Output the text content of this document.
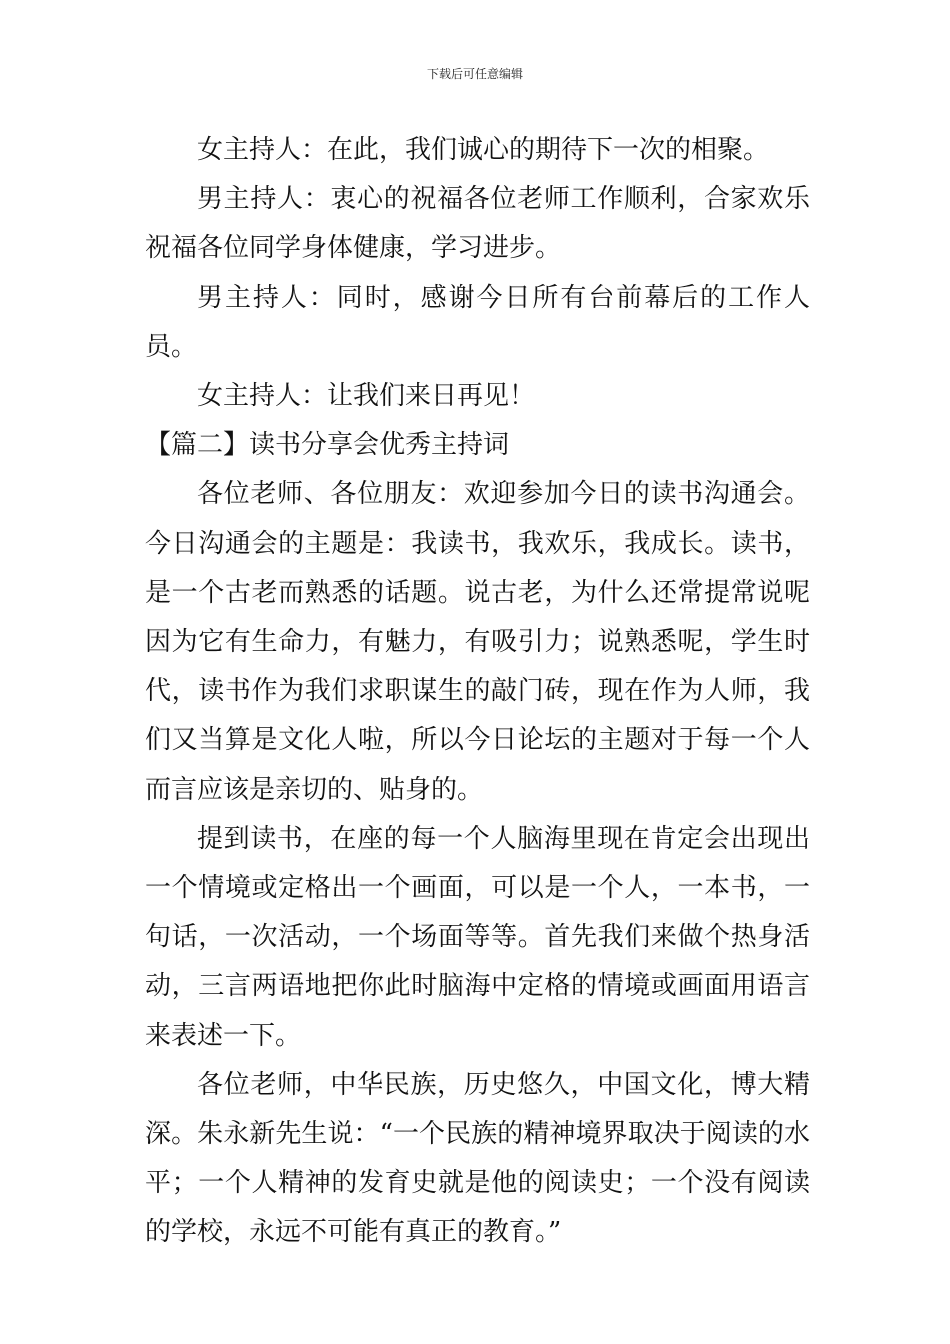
下载后可任意编辑

女主持人：在此，我们诚心的期待下一次的相聚。

男主持人：衷心的祝福各位老师工作顺利，合家欢乐祝福各位同学身体健康，学习进步。

男主持人：同时，感谢今日所有台前幕后的工作人员。

女主持人：让我们来日再见！

【篇二】读书分享会优秀主持词

各位老师、各位朋友：欢迎参加今日的读书沟通会。今日沟通会的主题是：我读书，我欢乐，我成长。读书，是一个古老而熟悉的话题。说古老，为什么还常提常说呢因为它有生命力，有魅力，有吸引力；说熟悉呢，学生时代，读书作为我们求职谋生的敲门砖，现在作为人师，我们又当算是文化人啦，所以今日论坛的主题对于每一个人而言应该是亲切的、贴身的。

提到读书，在座的每一个人脑海里现在肯定会出现出一个情境或定格出一个画面，可以是一个人，一本书，一句话，一次活动，一个场面等等。首先我们来做个热身活动，三言两语地把你此时脑海中定格的情境或画面用语言来表述一下。

各位老师，中华民族，历史悠久，中国文化，博大精深。朱永新先生说：“一个民族的精神境界取决于阅读的水平；一个人精神的发育史就是他的阅读史；一个没有阅读的学校，永远不可能有真正的教育。”
